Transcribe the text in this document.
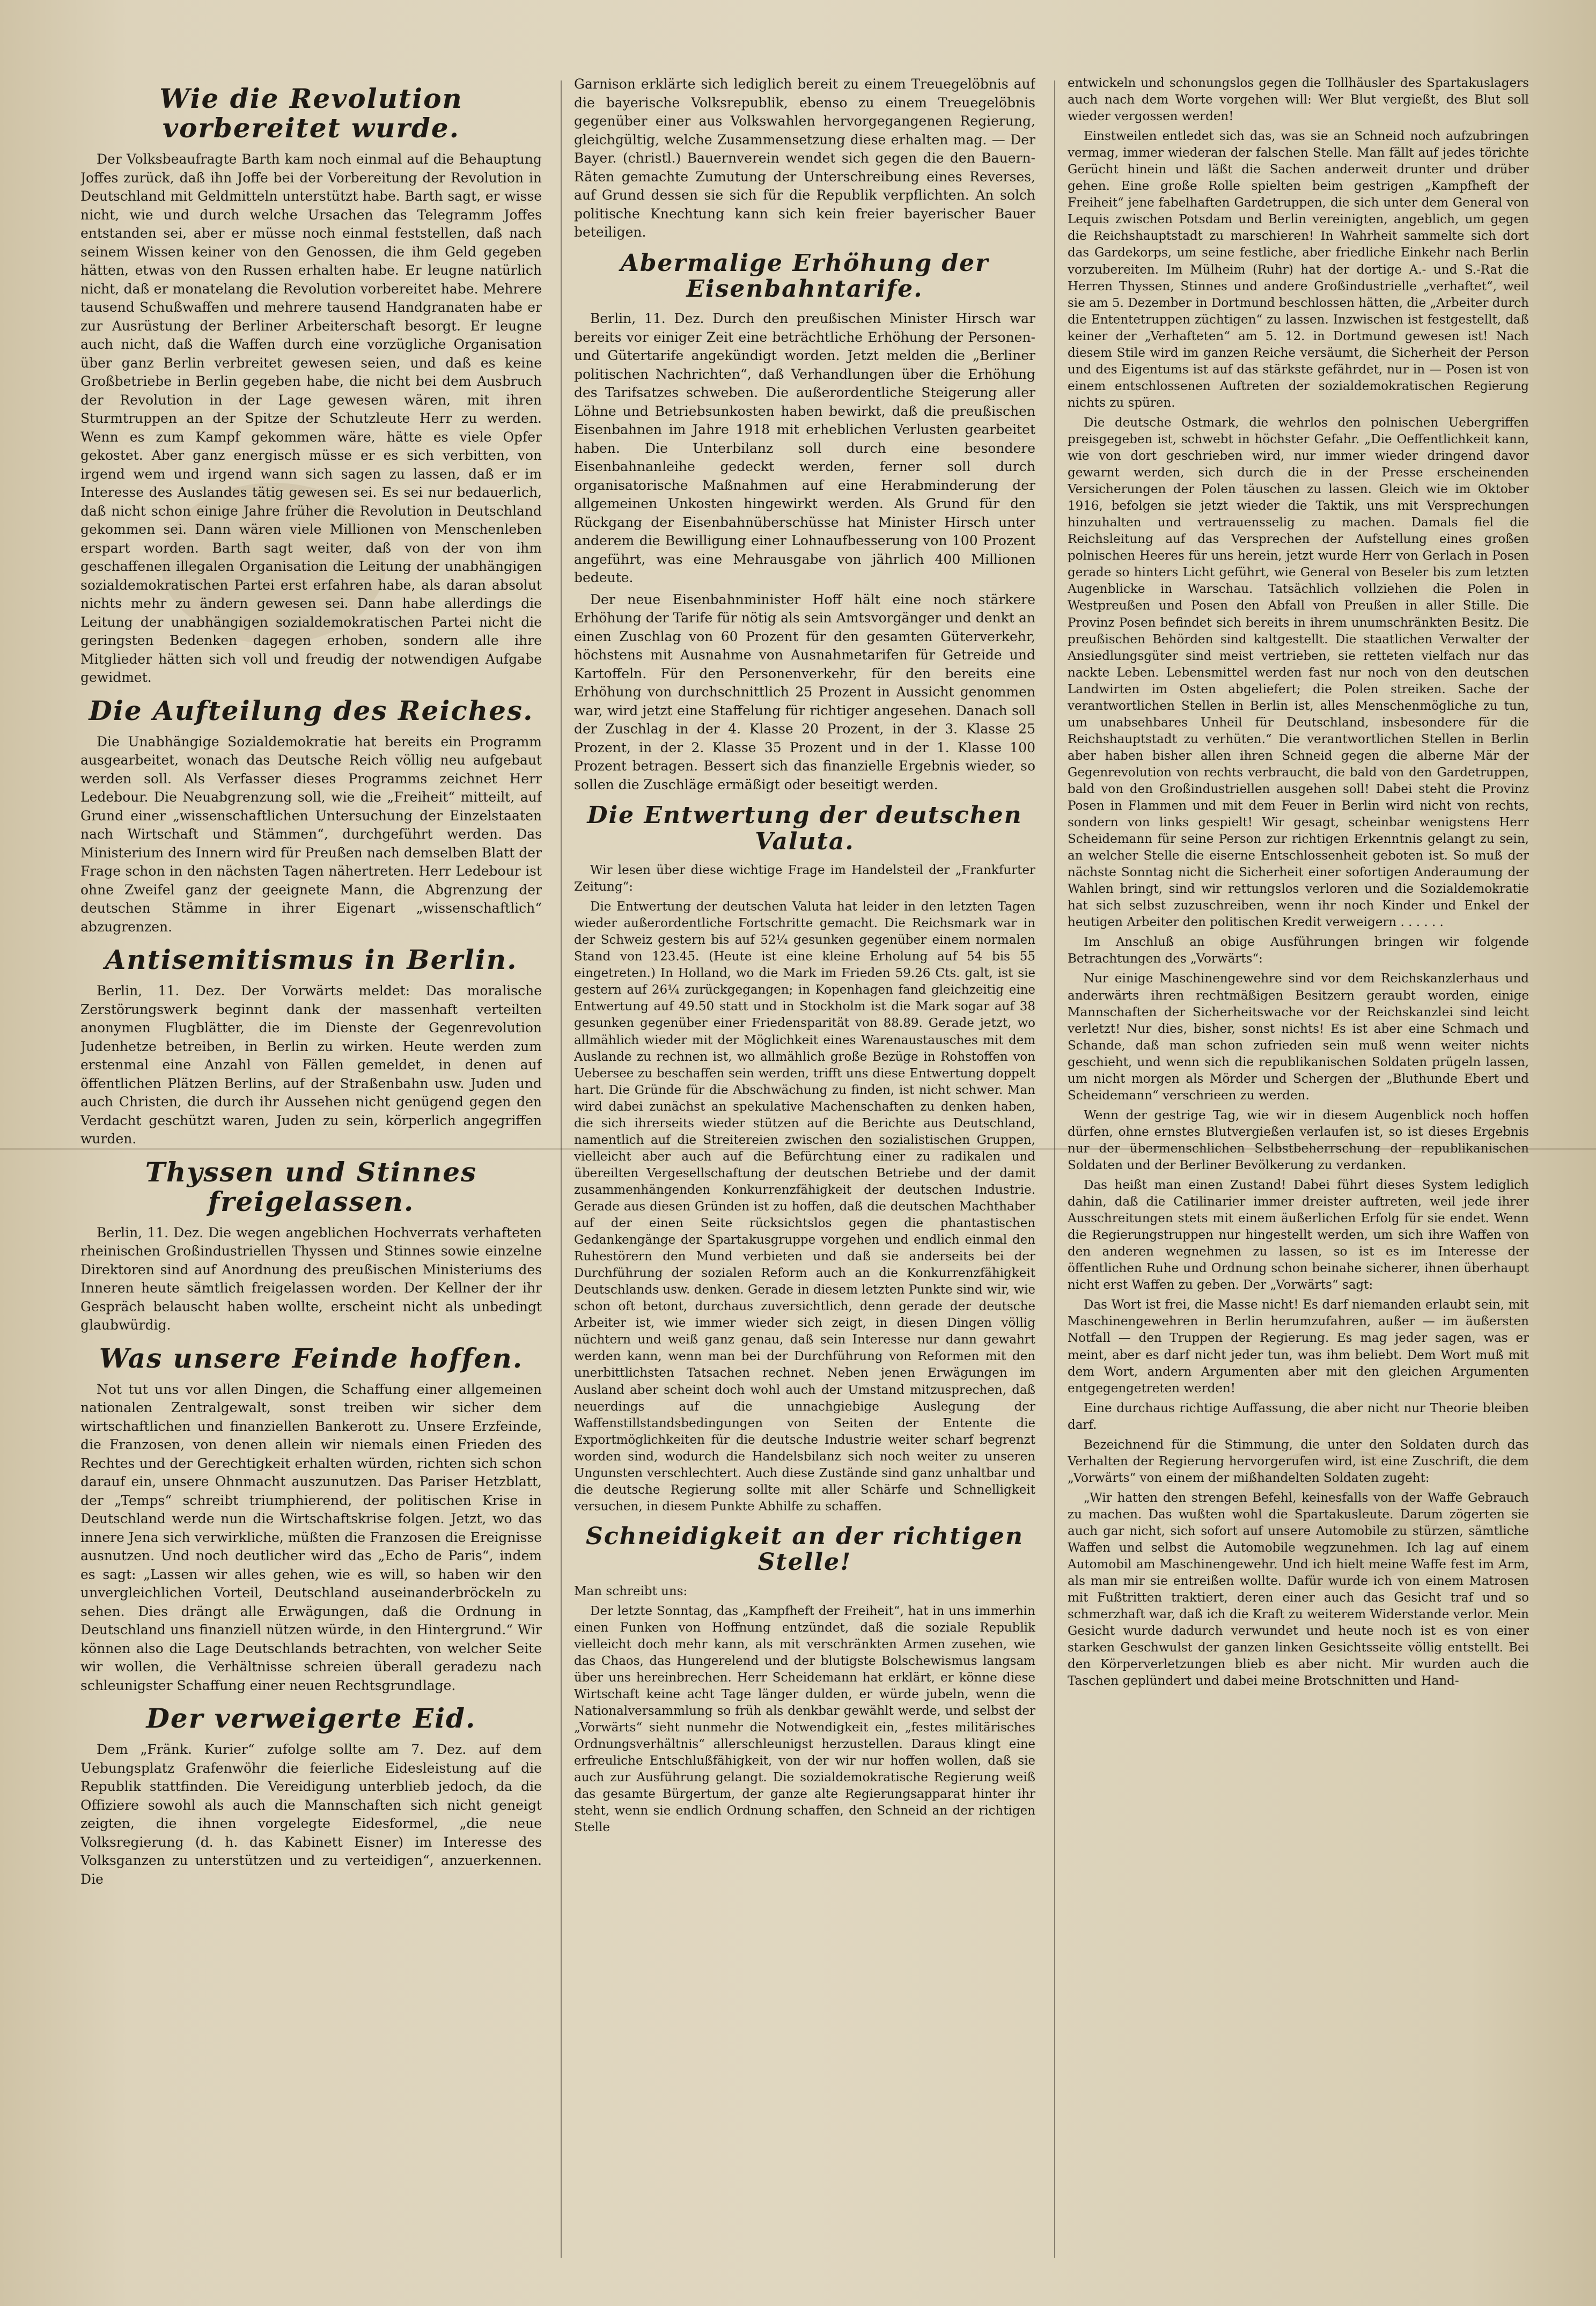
Wie die Revolution vorbereitet wurde.

Der Volksbeaufragte Barth kam noch einmal auf die Behauptung Joffes zurück, daß ihn Joffe bei der Vorbereitung der Revolution in Deutschland mit Geldmitteln unterstützt habe. Barth sagt, er wisse nicht, wie und durch welche Ursachen das Telegramm Joffes entstanden sei, aber er müsse noch einmal feststellen, daß nach seinem Wissen keiner von den Genossen, die ihm Geld gegeben hätten, etwas von den Russen erhalten habe. Er leugne natürlich nicht, daß er monatelang die Revolution vorbereitet habe. Mehrere tausend Schußwaffen und mehrere tausend Handgranaten habe er zur Ausrüstung der Berliner Arbeiterschaft besorgt. Er leugne auch nicht, daß die Waffen durch eine vorzügliche Organisation über ganz Berlin verbreitet gewesen seien, und daß es keine Großbetriebe in Berlin gegeben habe, die nicht bei dem Ausbruch der Revolution in der Lage gewesen wären, mit ihren Sturmtruppen an der Spitze der Schutzleute Herr zu werden. Wenn es zum Kampf gekommen wäre, hätte es viele Opfer gekostet. Aber ganz energisch müsse er es sich verbitten, von irgend wem und irgend wann sich sagen zu lassen, daß er im Interesse des Auslandes tätig gewesen sei. Es sei nur bedauerlich, daß nicht schon einige Jahre früher die Revolution in Deutschland gekommen sei. Dann wären viele Millionen von Menschenleben erspart worden. Barth sagt weiter, daß von der von ihm geschaffenen illegalen Organisation die Leitung der unabhängigen sozialdemokratischen Partei erst erfahren habe, als daran absolut nichts mehr zu ändern gewesen sei. Dann habe allerdings die Leitung der unabhängigen sozialdemokratischen Partei nicht die geringsten Bedenken dagegen erhoben, sondern alle ihre Mitglieder hätten sich voll und freudig der notwendigen Aufgabe gewidmet.

Die Aufteilung des Reiches.

Die Unabhängige Sozialdemokratie hat bereits ein Programm ausgearbeitet, wonach das Deutsche Reich völlig neu aufgebaut werden soll. Als Verfasser dieses Programms zeichnet Herr Ledebour. Die Neuabgrenzung soll, wie die „Freiheit“ mitteilt, auf Grund einer „wissenschaftlichen Untersuchung der Einzelstaaten nach Wirtschaft und Stämmen“, durchgeführt werden. Das Ministerium des Innern wird für Preußen nach demselben Blatt der Frage schon in den nächsten Tagen nähertreten. Herr Ledebour ist ohne Zweifel ganz der geeignete Mann, die Abgrenzung der deutschen Stämme in ihrer Eigenart „wissenschaftlich“ abzugrenzen.

Antisemitismus in Berlin.

Berlin, 11. Dez. Der Vorwärts meldet: Das moralische Zerstörungswerk beginnt dank der massenhaft verteilten anonymen Flugblätter, die im Dienste der Gegenrevolution Judenhetze betreiben, in Berlin zu wirken. Heute werden zum erstenmal eine Anzahl von Fällen gemeldet, in denen auf öffentlichen Plätzen Berlins, auf der Straßenbahn usw. Juden und auch Christen, die durch ihr Aussehen nicht genügend gegen den Verdacht geschützt waren, Juden zu sein, körperlich angegriffen wurden.

Thyssen und Stinnes freigelassen.

Berlin, 11. Dez. Die wegen angeblichen Hochverrats verhafteten rheinischen Großindustriellen Thyssen und Stinnes sowie einzelne Direktoren sind auf Anordnung des preußischen Ministeriums des Inneren heute sämtlich freigelassen worden. Der Kellner der ihr Gespräch belauscht haben wollte, erscheint nicht als unbedingt glaubwürdig.

Was unsere Feinde hoffen.

Not tut uns vor allen Dingen, die Schaffung einer allgemeinen nationalen Zentralgewalt, sonst treiben wir sicher dem wirtschaftlichen und finanziellen Bankerott zu. Unsere Erzfeinde, die Franzosen, von denen allein wir niemals einen Frieden des Rechtes und der Gerechtigkeit erhalten würden, richten sich schon darauf ein, unsere Ohnmacht auszunutzen. Das Pariser Hetzblatt, der „Temps“ schreibt triumphierend, der politischen Krise in Deutschland werde nun die Wirtschaftskrise folgen. Jetzt, wo das innere Jena sich verwirkliche, müßten die Franzosen die Ereignisse ausnutzen. Und noch deutlicher wird das „Echo de Paris“, indem es sagt: „Lassen wir alles gehen, wie es will, so haben wir den unvergleichlichen Vorteil, Deutschland auseinanderbröckeln zu sehen. Dies drängt alle Erwägungen, daß die Ordnung in Deutschland uns finanziell nützen würde, in den Hintergrund.“ Wir können also die Lage Deutschlands betrachten, von welcher Seite wir wollen, die Verhältnisse schreien überall geradezu nach schleunigster Schaffung einer neuen Rechtsgrundlage.

Der verweigerte Eid.

Dem „Fränk. Kurier“ zufolge sollte am 7. Dez. auf dem Uebungsplatz Grafenwöhr die feierliche Eidesleistung auf die Republik stattfinden. Die Vereidigung unterblieb jedoch, da die Offiziere sowohl als auch die Mannschaften sich nicht geneigt zeigten, die ihnen vorgelegte Eidesformel, „die neue Volksregierung (d. h. das Kabinett Eisner) im Interesse des Volksganzen zu unterstützen und zu verteidigen“, anzuerkennen. Die

Garnison erklärte sich lediglich bereit zu einem Treuegelöbnis auf die bayerische Volksrepublik, ebenso zu einem Treuegelöbnis gegenüber einer aus Volkswahlen hervorgegangenen Regierung, gleichgültig, welche Zusammensetzung diese erhalten mag. — Der Bayer. (christl.) Bauernverein wendet sich gegen die den Bauern-Räten gemachte Zumutung der Unterschreibung eines Reverses, auf Grund dessen sie sich für die Republik verpflichten. An solch politische Knechtung kann sich kein freier bayerischer Bauer beteiligen.

Abermalige Erhöhung der Eisenbahntarife.

Berlin, 11. Dez. Durch den preußischen Minister Hirsch war bereits vor einiger Zeit eine beträchtliche Erhöhung der Personen- und Gütertarife angekündigt worden. Jetzt melden die „Berliner politischen Nachrichten“, daß Verhandlungen über die Erhöhung des Tarifsatzes schweben. Die außerordentliche Steigerung aller Löhne und Betriebsunkosten haben bewirkt, daß die preußischen Eisenbahnen im Jahre 1918 mit erheblichen Verlusten gearbeitet haben. Die Unterbilanz soll durch eine besondere Eisenbahnanleihe gedeckt werden, ferner soll durch organisatorische Maßnahmen auf eine Herabminderung der allgemeinen Unkosten hingewirkt werden. Als Grund für den Rückgang der Eisenbahnüberschüsse hat Minister Hirsch unter anderem die Bewilligung einer Lohnaufbesserung von 100 Prozent angeführt, was eine Mehrausgabe von jährlich 400 Millionen bedeute.

Der neue Eisenbahnminister Hoff hält eine noch stärkere Erhöhung der Tarife für nötig als sein Amtsvorgänger und denkt an einen Zuschlag von 60 Prozent für den gesamten Güterverkehr, höchstens mit Ausnahme von Ausnahmetarifen für Getreide und Kartoffeln. Für den Personenverkehr, für den bereits eine Erhöhung von durchschnittlich 25 Prozent in Aussicht genommen war, wird jetzt eine Staffelung für richtiger angesehen. Danach soll der Zuschlag in der 4. Klasse 20 Prozent, in der 3. Klasse 25 Prozent, in der 2. Klasse 35 Prozent und in der 1. Klasse 100 Prozent betragen. Bessert sich das finanzielle Ergebnis wieder, so sollen die Zuschläge ermäßigt oder beseitigt werden.

Die Entwertung der deutschen Valuta.

Wir lesen über diese wichtige Frage im Handelsteil der „Frankfurter Zeitung“:

Die Entwertung der deutschen Valuta hat leider in den letzten Tagen wieder außerordentliche Fortschritte gemacht. Die Reichsmark war in der Schweiz gestern bis auf 52¼ gesunken gegenüber einem normalen Stand von 123.45. (Heute ist eine kleine Erholung auf 54 bis 55 eingetreten.) In Holland, wo die Mark im Frieden 59.26 Cts. galt, ist sie gestern auf 26¼ zurückgegangen; in Kopenhagen fand gleichzeitig eine Entwertung auf 49.50 statt und in Stockholm ist die Mark sogar auf 38 gesunken gegenüber einer Friedensparität von 88.89. Gerade jetzt, wo allmählich wieder mit der Möglichkeit eines Warenaustausches mit dem Auslande zu rechnen ist, wo allmählich große Bezüge in Rohstoffen von Uebersee zu beschaffen sein werden, trifft uns diese Entwertung doppelt hart. Die Gründe für die Abschwächung zu finden, ist nicht schwer. Man wird dabei zunächst an spekulative Machenschaften zu denken haben, die sich ihrerseits wieder stützen auf die Berichte aus Deutschland, namentlich auf die Streitereien zwischen den sozialistischen Gruppen, vielleicht aber auch auf die Befürchtung einer zu radikalen und übereilten Vergesellschaftung der deutschen Betriebe und der damit zusammenhängenden Konkurrenzfähigkeit der deutschen Industrie. Gerade aus diesen Gründen ist zu hoffen, daß die deutschen Machthaber auf der einen Seite rücksichtslos gegen die phantastischen Gedankengänge der Spartakusgruppe vorgehen und endlich einmal den Ruhestörern den Mund verbieten und daß sie anderseits bei der Durchführung der sozialen Reform auch an die Konkurrenzfähigkeit Deutschlands usw. denken. Gerade in diesem letzten Punkte sind wir, wie schon oft betont, durchaus zuversichtlich, denn gerade der deutsche Arbeiter ist, wie immer wieder sich zeigt, in diesen Dingen völlig nüchtern und weiß ganz genau, daß sein Interesse nur dann gewahrt werden kann, wenn man bei der Durchführung von Reformen mit den unerbittlichsten Tatsachen rechnet. Neben jenen Erwägungen im Ausland aber scheint doch wohl auch der Umstand mitzusprechen, daß neuerdings auf die unnachgiebige Auslegung der Waffenstillstandsbedingungen von Seiten der Entente die Exportmöglichkeiten für die deutsche Industrie weiter scharf begrenzt worden sind, wodurch die Handelsbilanz sich noch weiter zu unseren Ungunsten verschlechtert. Auch diese Zustände sind ganz unhaltbar und die deutsche Regierung sollte mit aller Schärfe und Schnelligkeit versuchen, in diesem Punkte Abhilfe zu schaffen.

Schneidigkeit an der richtigen Stelle!

Man schreibt uns:

Der letzte Sonntag, das „Kampfheft der Freiheit“, hat in uns immerhin einen Funken von Hoffnung entzündet, daß die soziale Republik vielleicht doch mehr kann, als mit verschränkten Armen zusehen, wie das Chaos, das Hungerelend und der blutigste Bolschewismus langsam über uns hereinbrechen. Herr Scheidemann hat erklärt, er könne diese Wirtschaft keine acht Tage länger dulden, er würde jubeln, wenn die Nationalversammlung so früh als denkbar gewählt werde, und selbst der „Vorwärts“ sieht nunmehr die Notwendigkeit ein, „festes militärisches Ordnungsverhältnis“ allerschleunigst herzustellen. Daraus klingt eine erfreuliche Entschlußfähigkeit, von der wir nur hoffen wollen, daß sie auch zur Ausführung gelangt. Die sozialdemokratische Regierung weiß das gesamte Bürgertum, der ganze alte Regierungsapparat hinter ihr steht, wenn sie endlich Ordnung schaffen, den Schneid an der richtigen Stelle

entwickeln und schonungslos gegen die Tollhäusler des Spartakuslagers auch nach dem Worte vorgehen will: Wer Blut vergießt, des Blut soll wieder vergossen werden!

Einstweilen entledet sich das, was sie an Schneid noch aufzubringen vermag, immer wiederan der falschen Stelle. Man fällt auf jedes törichte Gerücht hinein und läßt die Sachen anderweit drunter und drüber gehen. Eine große Rolle spielten beim gestrigen „Kampfheft der Freiheit“ jene fabelhaften Gardetruppen, die sich unter dem General von Lequis zwischen Potsdam und Berlin vereinigten, angeblich, um gegen die Reichshauptstadt zu marschieren! In Wahrheit sammelte sich dort das Gardekorps, um seine festliche, aber friedliche Einkehr nach Berlin vorzubereiten. Im Mülheim (Ruhr) hat der dortige A.- und S.-Rat die Herren Thyssen, Stinnes und andere Großindustrielle „verhaftet“, weil sie am 5. Dezember in Dortmund beschlossen hätten, die „Arbeiter durch die Ententetruppen züchtigen“ zu lassen. Inzwischen ist festgestellt, daß keiner der „Verhafteten“ am 5. 12. in Dortmund gewesen ist! Nach diesem Stile wird im ganzen Reiche versäumt, die Sicherheit der Person und des Eigentums ist auf das stärkste gefährdet, nur in — Posen ist von einem entschlossenen Auftreten der sozialdemokratischen Regierung nichts zu spüren.

Die deutsche Ostmark, die wehrlos den polnischen Uebergriffen preisgegeben ist, schwebt in höchster Gefahr. „Die Oeffentlichkeit kann, wie von dort geschrieben wird, nur immer wieder dringend davor gewarnt werden, sich durch die in der Presse erscheinenden Versicherungen der Polen täuschen zu lassen. Gleich wie im Oktober 1916, befolgen sie jetzt wieder die Taktik, uns mit Versprechungen hinzuhalten und vertrauensselig zu machen. Damals fiel die Reichsleitung auf das Versprechen der Aufstellung eines großen polnischen Heeres für uns herein, jetzt wurde Herr von Gerlach in Posen gerade so hinters Licht geführt, wie General von Beseler bis zum letzten Augenblicke in Warschau. Tatsächlich vollziehen die Polen in Westpreußen und Posen den Abfall von Preußen in aller Stille. Die Provinz Posen befindet sich bereits in ihrem unumschränkten Besitz. Die preußischen Behörden sind kaltgestellt. Die staatlichen Verwalter der Ansiedlungsgüter sind meist vertrieben, sie retteten vielfach nur das nackte Leben. Lebensmittel werden fast nur noch von den deutschen Landwirten im Osten abgeliefert; die Polen streiken. Sache der verantwortlichen Stellen in Berlin ist, alles Menschenmögliche zu tun, um unabsehbares Unheil für Deutschland, insbesondere für die Reichshauptstadt zu verhüten.“ Die verantwortlichen Stellen in Berlin aber haben bisher allen ihren Schneid gegen die alberne Mär der Gegenrevolution von rechts verbraucht, die bald von den Gardetruppen, bald von den Großindustriellen ausgehen soll! Dabei steht die Provinz Posen in Flammen und mit dem Feuer in Berlin wird nicht von rechts, sondern von links gespielt! Wir gesagt, scheinbar wenigstens Herr Scheidemann für seine Person zur richtigen Erkenntnis gelangt zu sein, an welcher Stelle die eiserne Entschlossenheit geboten ist. So muß der nächste Sonntag nicht die Sicherheit einer sofortigen Anderaumung der Wahlen bringt, sind wir rettungslos verloren und die Sozialdemokratie hat sich selbst zuzuschreiben, wenn ihr noch Kinder und Enkel der heutigen Arbeiter den politischen Kredit verweigern . . . . . .

Im Anschluß an obige Ausführungen bringen wir folgende Betrachtungen des „Vorwärts“:

Nur einige Maschinengewehre sind vor dem Reichskanzlerhaus und anderwärts ihren rechtmäßigen Besitzern geraubt worden, einige Mannschaften der Sicherheitswache vor der Reichskanzlei sind leicht verletzt! Nur dies, bisher, sonst nichts! Es ist aber eine Schmach und Schande, daß man schon zufrieden sein muß wenn weiter nichts geschieht, und wenn sich die republikanischen Soldaten prügeln lassen, um nicht morgen als Mörder und Schergen der „Bluthunde Ebert und Scheidemann“ verschrieen zu werden.

Wenn der gestrige Tag, wie wir in diesem Augenblick noch hoffen dürfen, ohne ernstes Blutvergießen verlaufen ist, so ist dieses Ergebnis nur der übermenschlichen Selbstbeherrschung der republikanischen Soldaten und der Berliner Bevölkerung zu verdanken.

Das heißt man einen Zustand! Dabei führt dieses System lediglich dahin, daß die Catilinarier immer dreister auftreten, weil jede ihrer Ausschreitungen stets mit einem äußerlichen Erfolg für sie endet. Wenn die Regierungstruppen nur hingestellt werden, um sich ihre Waffen von den anderen wegnehmen zu lassen, so ist es im Interesse der öffentlichen Ruhe und Ordnung schon beinahe sicherer, ihnen überhaupt nicht erst Waffen zu geben. Der „Vorwärts“ sagt:

Das Wort ist frei, die Masse nicht! Es darf niemanden erlaubt sein, mit Maschinengewehren in Berlin herumzufahren, außer — im äußersten Notfall — den Truppen der Regierung. Es mag jeder sagen, was er meint, aber es darf nicht jeder tun, was ihm beliebt. Dem Wort muß mit dem Wort, andern Argumenten aber mit den gleichen Argumenten entgegengetreten werden!

Eine durchaus richtige Auffassung, die aber nicht nur Theorie bleiben darf.

Bezeichnend für die Stimmung, die unter den Soldaten durch das Verhalten der Regierung hervorgerufen wird, ist eine Zuschrift, die dem „Vorwärts“ von einem der mißhandelten Soldaten zugeht:

„Wir hatten den strengen Befehl, keinesfalls von der Waffe Gebrauch zu machen. Das wußten wohl die Spartakusleute. Darum zögerten sie auch gar nicht, sich sofort auf unsere Automobile zu stürzen, sämtliche Waffen und selbst die Automobile wegzunehmen. Ich lag auf einem Automobil am Maschinengewehr. Und ich hielt meine Waffe fest im Arm, als man mir sie entreißen wollte. Dafür wurde ich von einem Matrosen mit Fußtritten traktiert, deren einer auch das Gesicht traf und so schmerzhaft war, daß ich die Kraft zu weiterem Widerstande verlor. Mein Gesicht wurde dadurch verwundet und heute noch ist es von einer starken Geschwulst der ganzen linken Gesichtsseite völlig entstellt. Bei den Körperverletzungen blieb es aber nicht. Mir wurden auch die Taschen geplündert und dabei meine Brotschnitten und Hand-
